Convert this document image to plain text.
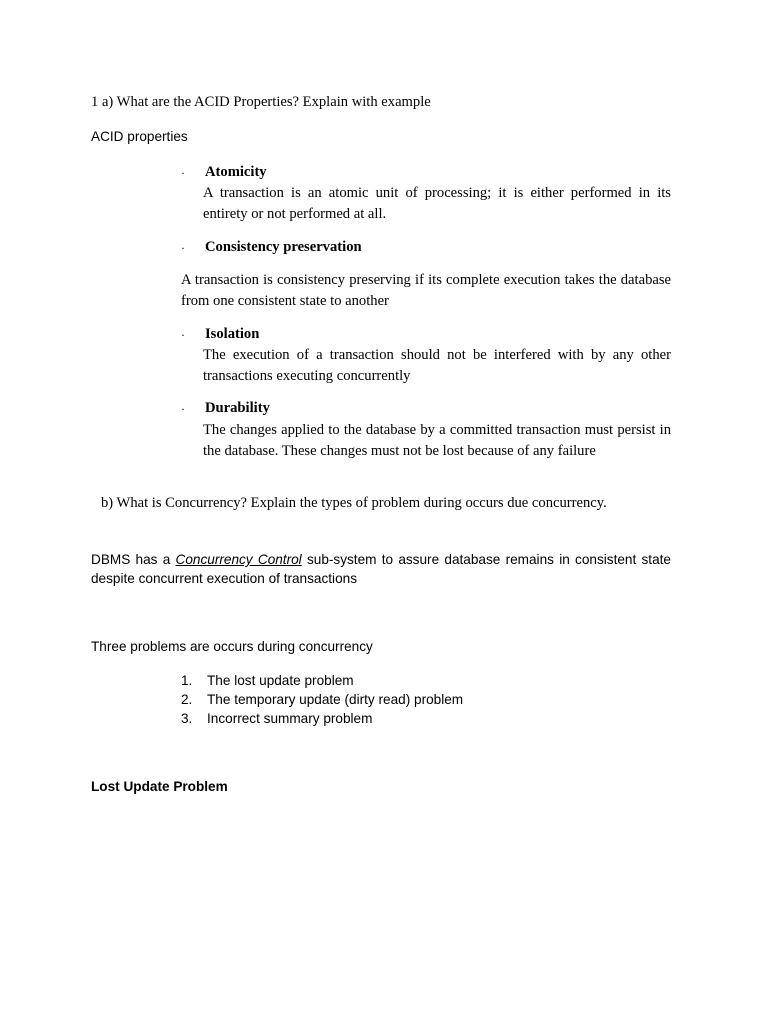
1 a) What are the ACID Properties? Explain with example

ACID properties

· Atomicity

A transaction is an atomic unit of processing; it is either performed in its entirety or not performed at all.

· Consistency preservation

A transaction is consistency preserving if its complete execution takes the database from one consistent state to another

· Isolation

The execution of a transaction should not be interfered with by any other transactions executing concurrently

· Durability

The changes applied to the database by a committed transaction must persist in the database. These changes must not be lost because of any failure

b) What is Concurrency? Explain the types of problem during occurs due concurrency.

DBMS has a Concurrency Control sub-system to assure database remains in consistent state despite concurrent execution of transactions

Three problems are occurs during concurrency

1.	The lost update problem

2.	The temporary update (dirty read) problem

3.	Incorrect summary problem

Lost Update Problem
